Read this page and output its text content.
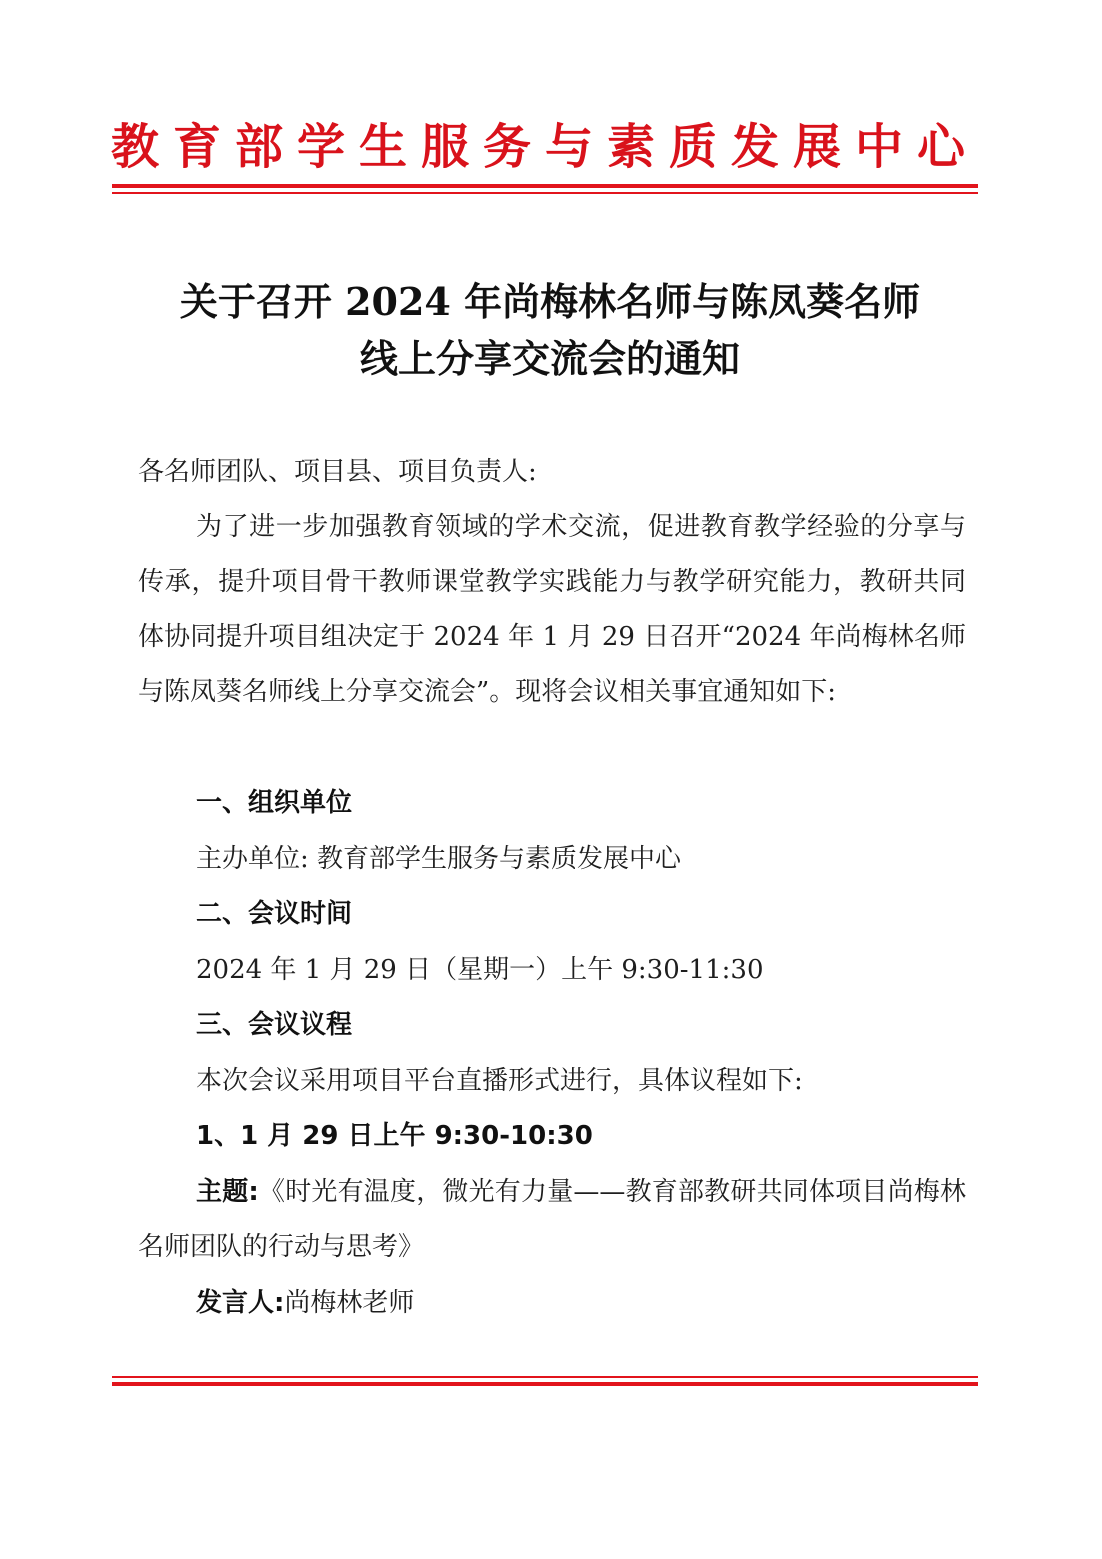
教育部学生服务与素质发展中心
关于召开 2024 年尚梅林名师与陈凤葵名师
线上分享交流会的通知
各名师团队、项目县、项目负责人:
为了进一步加强教育领域的学术交流，促进教育教学经验的分享与传承，提升项目骨干教师课堂教学实践能力与教学研究能力，教研共同体协同提升项目组决定于 2024 年 1 月 29 日召开“2024 年尚梅林名师与陈凤葵名师线上分享交流会”。现将会议相关事宜通知如下:
一、组织单位
主办单位: 教育部学生服务与素质发展中心
二、会议时间
2024 年 1 月 29 日（星期一）上午 9:30-11:30
三、会议议程
本次会议采用项目平台直播形式进行，具体议程如下:
1、1 月 29 日上午 9:30-10:30
主题:《时光有温度，微光有力量——教育部教研共同体项目尚梅林名师团队的行动与思考》
发言人:尚梅林老师
